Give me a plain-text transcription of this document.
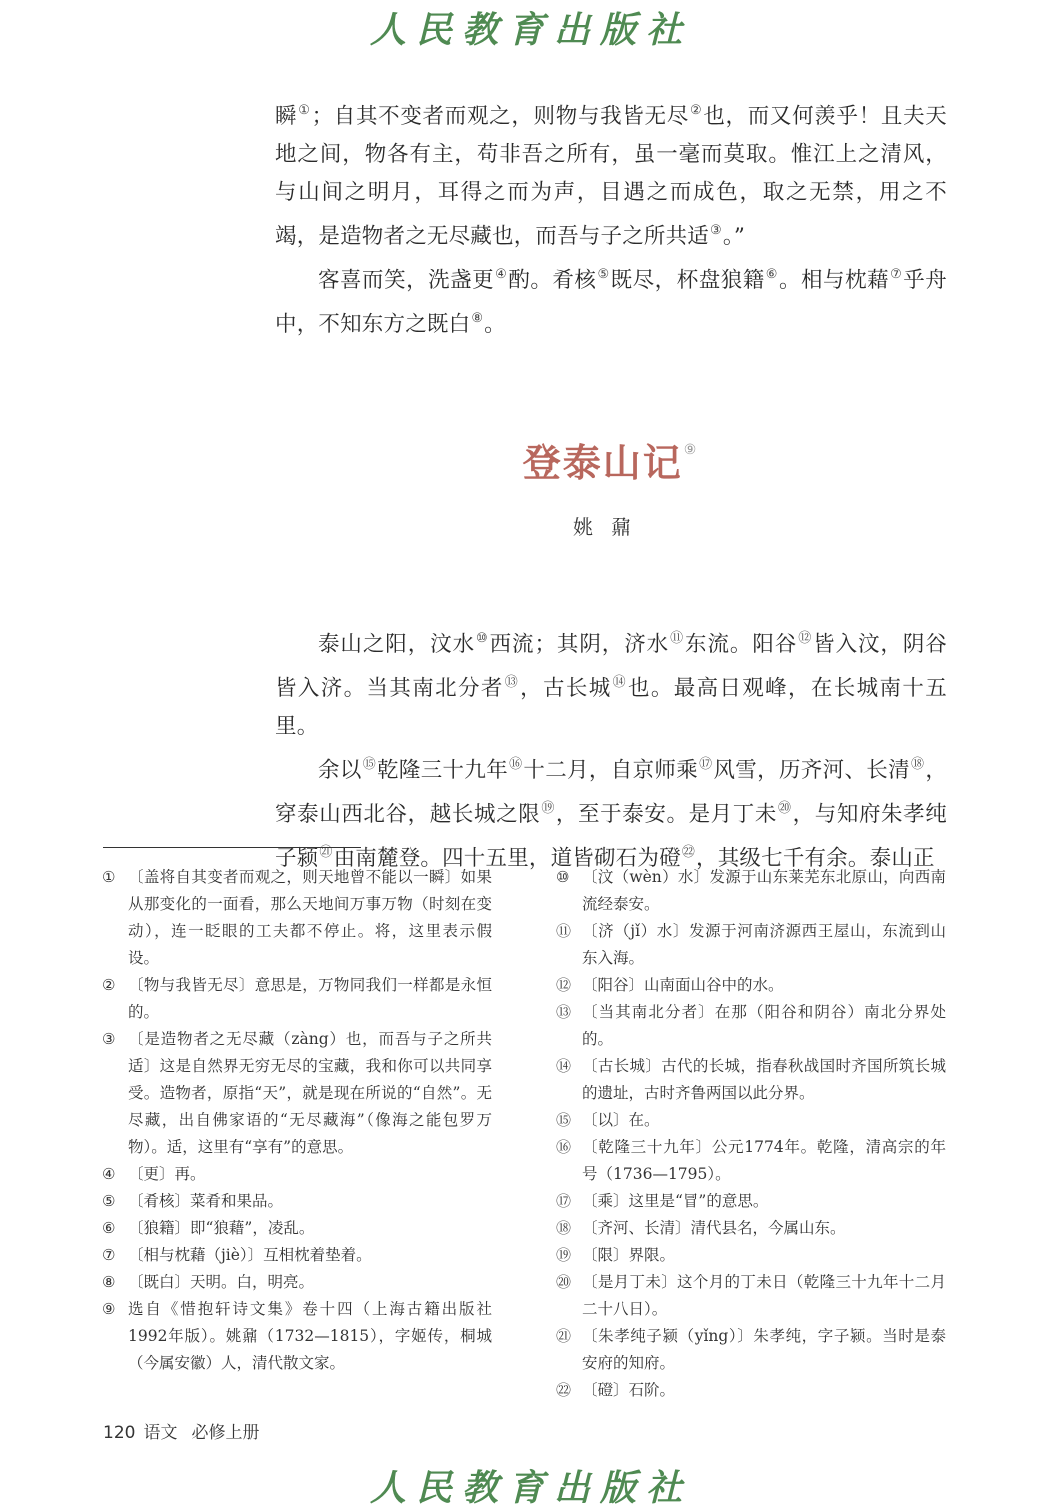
人民教育出版社

瞬①；自其不变者而观之，则物与我皆无尽②也，而又何羡乎！且夫天地之间，物各有主，苟非吾之所有，虽一毫而莫取。惟江上之清风，与山间之明月，耳得之而为声，目遇之而成色，取之无禁，用之不竭，是造物者之无尽藏也，而吾与子之所共适③。”

客喜而笑，洗盏更④酌。肴核⑤既尽，杯盘狼籍⑥。相与枕藉⑦乎舟中，不知东方之既白⑧。

登泰山记⑨
姚鼐

泰山之阳，汶水⑩西流；其阴，济水⑪东流。阳谷⑫皆入汶，阴谷皆入济。当其南北分者⑬，古长城⑭也。最高日观峰，在长城南十五里。

余以⑮乾隆三十九年⑯十二月，自京师乘⑰风雪，历齐河、长清⑱，穿泰山西北谷，越长城之限⑲，至于泰安。是月丁未⑳，与知府朱孝纯子颍$^㉑$由南麓登。四十五里，道皆砌石为磴$^㉒$，其级七千有余。泰山正

① 〔盖将自其变者而观之，则天地曾不能以一瞬〕如果从那变化的一面看，那么天地间万事万物（时刻在变动），连一眨眼的工夫都不停止。将，这里表示假设。
② 〔物与我皆无尽〕意思是，万物同我们一样都是永恒的。
③ 〔是造物者之无尽藏（zàng）也，而吾与子之所共适〕这是自然界无穷无尽的宝藏，我和你可以共同享受。造物者，原指“天”，就是现在所说的“自然”。无尽藏，出自佛家语的“无尽藏海”（像海之能包罗万物）。适，这里有“享有”的意思。
④ 〔更〕再。
⑤ 〔肴核〕菜肴和果品。
⑥ 〔狼籍〕即“狼藉”，凌乱。
⑦ 〔相与枕藉（jiè）〕互相枕着垫着。
⑧ 〔既白〕天明。白，明亮。
⑨ 选自《惜抱轩诗文集》卷十四（上海古籍出版社1992年版）。姚鼐（1732—1815），字姬传，桐城（今属安徽）人，清代散文家。
⑩ 〔汶（wèn）水〕发源于山东莱芜东北原山，向西南流经泰安。
⑪ 〔济（jǐ）水〕发源于河南济源西王屋山，东流到山东入海。
⑫ 〔阳谷〕山南面山谷中的水。
⑬ 〔当其南北分者〕在那（阳谷和阴谷）南北分界处的。
⑭ 〔古长城〕古代的长城，指春秋战国时齐国所筑长城的遗址，古时齐鲁两国以此分界。
⑮ 〔以〕在。
⑯ 〔乾隆三十九年〕公元1774年。乾隆，清高宗的年号（1736—1795）。
⑰ 〔乘〕这里是“冒”的意思。
⑱ 〔齐河、长清〕清代县名，今属山东。
⑲ 〔限〕界限。
⑳ 〔是月丁未〕这个月的丁未日（乾隆三十九年十二月二十八日）。
㉑ 〔朱孝纯子颍（yǐng）〕朱孝纯，字子颍。当时是泰安府的知府。
㉒ 〔磴〕石阶。
120 语文 必修上册
人民教育出版社
